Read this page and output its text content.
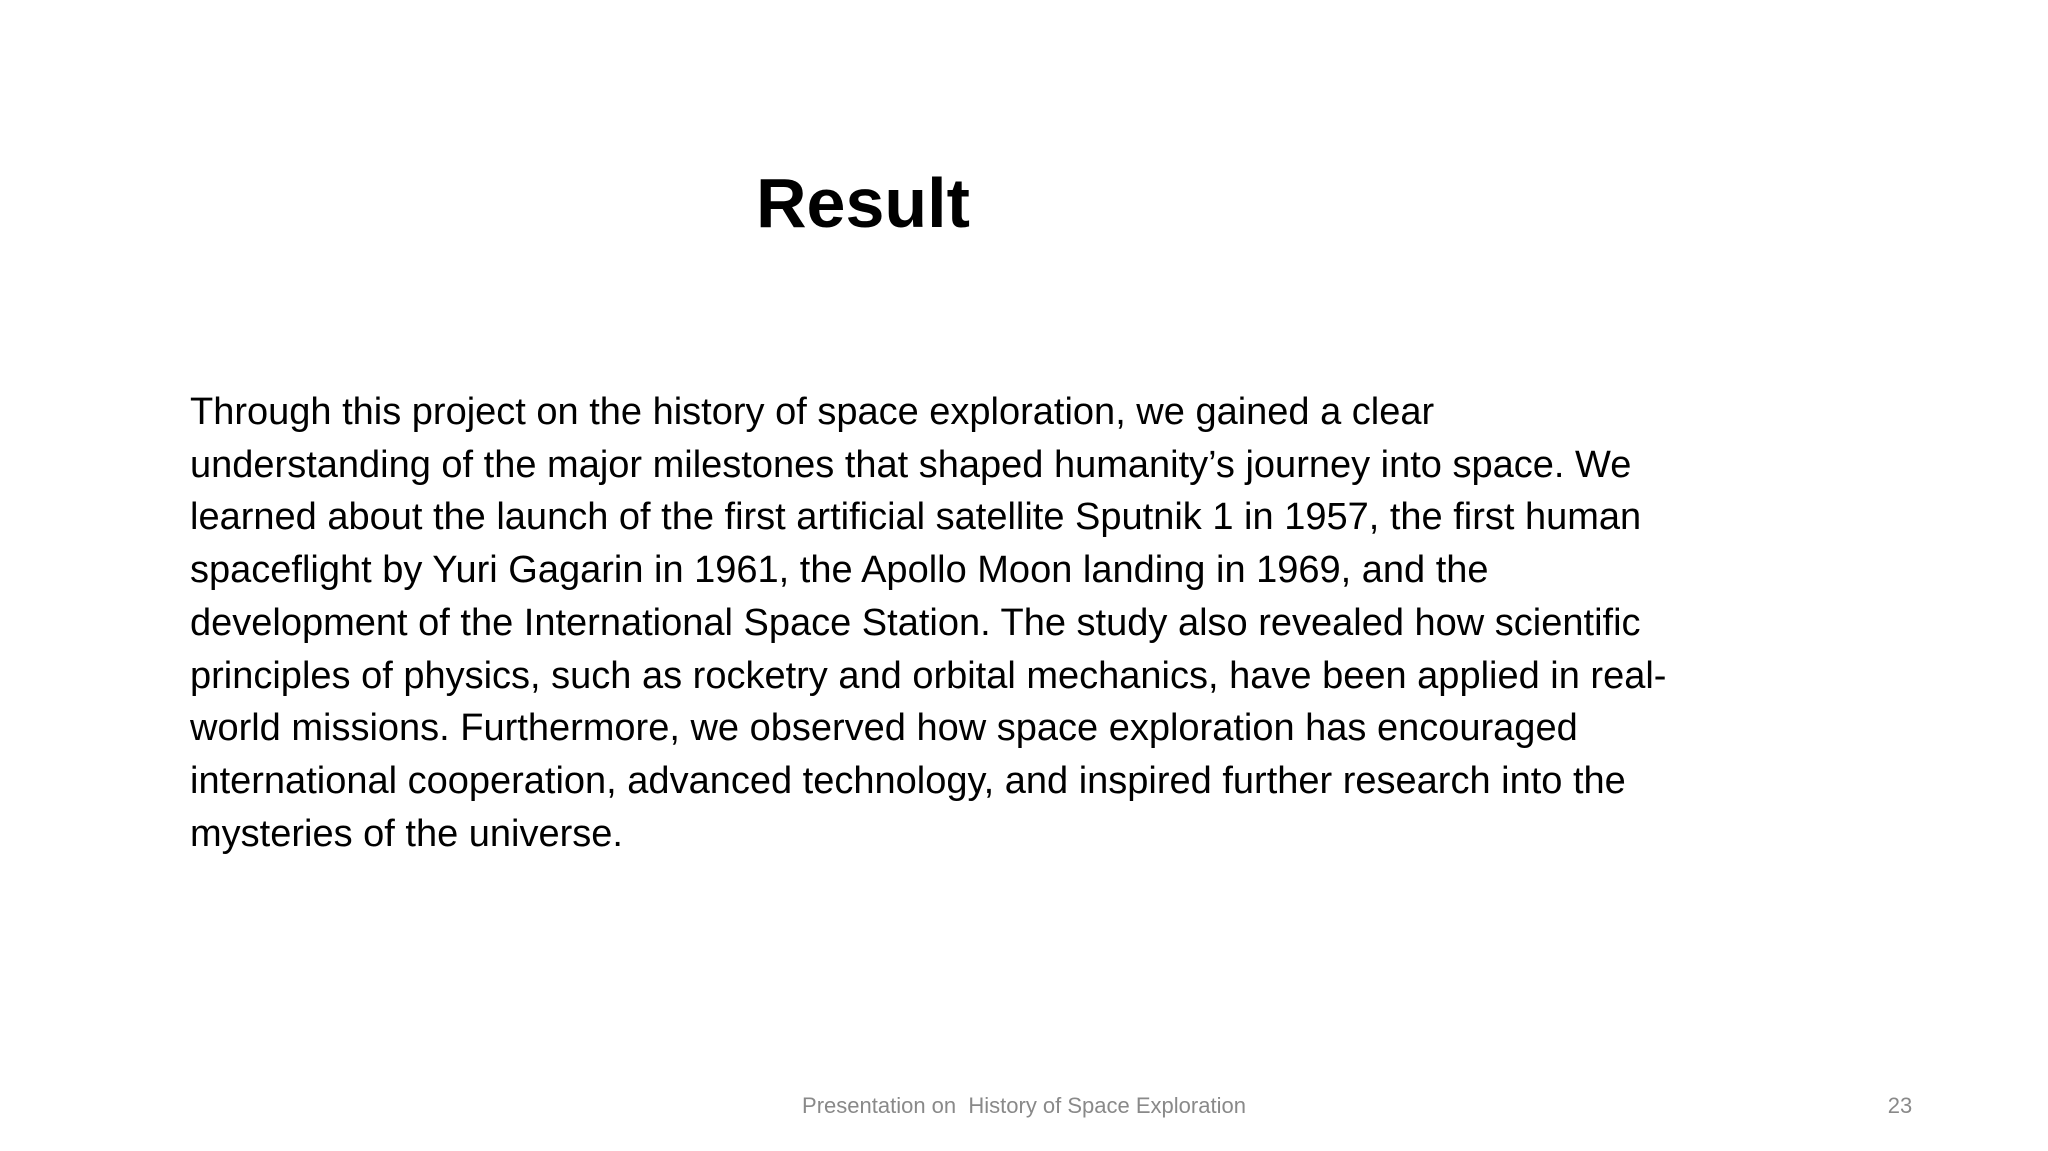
Result
Through this project on the history of space exploration, we gained a clear
understanding of the major milestones that shaped humanity’s journey into space. We
learned about the launch of the first artificial satellite Sputnik 1 in 1957, the first human
spaceflight by Yuri Gagarin in 1961, the Apollo Moon landing in 1969, and the
development of the International Space Station. The study also revealed how scientific
principles of physics, such as rocketry and orbital mechanics, have been applied in real-
world missions. Furthermore, we observed how space exploration has encouraged
international cooperation, advanced technology, and inspired further research into the
mysteries of the universe.
Presentation on  History of Space Exploration	23
